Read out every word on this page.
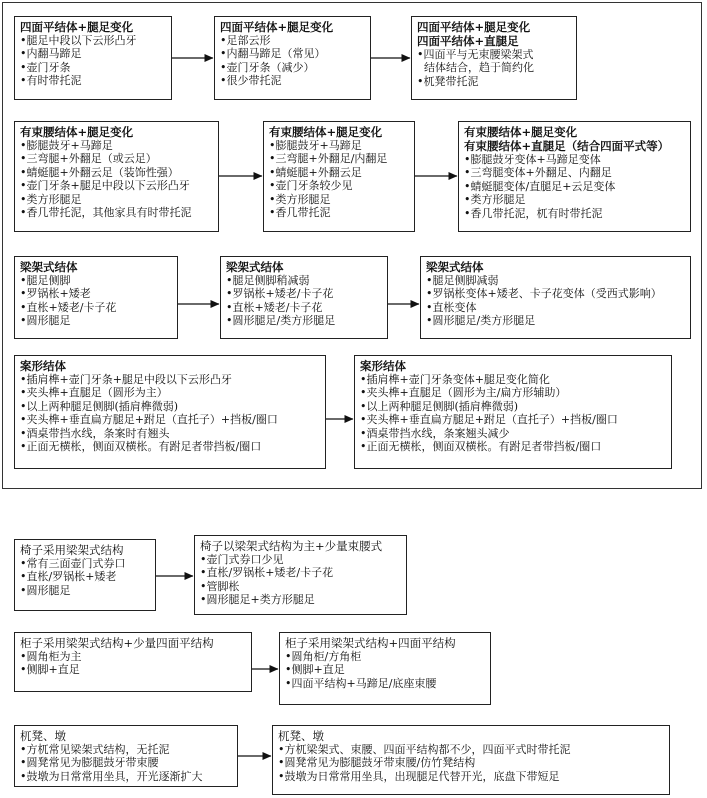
四面平结体+腿足变化
•腿足中段以下云形凸牙
•内翻马蹄足
•壶门牙条
•有时带托泥
四面平结体+腿足变化
•足部云形
•内翻马蹄足（常见）
•壶门牙条（减少）
•很少带托泥
四面平结体+腿足变化
四面平结体+直腿足
•四面平与无束腰梁架式
结体结合，趋于简约化
•杌凳带托泥
有束腰结体+腿足变化
•膨腿鼓牙+马蹄足
•三弯腿+外翻足（或云足）
•蜻蜓腿+外翻云足（装饰性强）
•壶门牙条+腿足中段以下云形凸牙
•类方形腿足
•香几带托泥，其他家具有时带托泥
有束腰结体+腿足变化
•膨腿鼓牙+马蹄足
•三弯腿+外翻足/内翻足
•蜻蜓腿+外翻云足
•壶门牙条较少见
•类方形腿足
•香几带托泥
有束腰结体+腿足变化
有束腰结体+直腿足（结合四面平式等）
•膨腿鼓牙变体+马蹄足变体
•三弯腿变体+外翻足、内翻足
•蜻蜓腿变体/直腿足+云足变体
•类方形腿足
•香几带托泥，杌有时带托泥
梁架式结体
•腿足侧脚
•罗锅枨+矮老
•直枨+矮老/卡子花
•圆形腿足
梁架式结体
•腿足侧脚稍减弱
•罗锅枨+矮老/卡子花
•直枨+矮老/卡子花
•圆形腿足/类方形腿足
梁架式结体
•腿足侧脚减弱
•罗锅枨变体+矮老、卡子花变体（受西式影响）
•直枨变体
•圆形腿足/类方形腿足
案形结体
•插肩榫+壶门牙条+腿足中段以下云形凸牙
•夹头榫+直腿足（圆形为主）
•以上两种腿足侧脚(插肩榫微弱)
•夹头榫+垂直扁方腿足+跗足（直托子）+挡板/圈口
•酒桌带挡水线，条案时有翘头
•正面无横枨，侧面双横枨。有跗足者带挡板/圈口
案形结体
•插肩榫+壶门牙条变体+腿足变化简化
•夹头榫+直腿足（圆形为主/扁方形辅助）
•以上两种腿足侧脚(插肩榫微弱)
•夹头榫+垂直扁方腿足+跗足（直托子）+挡板/圈口
•酒桌带挡水线，条案翘头减少
•正面无横枨，侧面双横枨。有跗足者带挡板/圈口
椅子采用梁架式结构
•常有三面壶门式券口
•直枨/罗锅枨+矮老
•圆形腿足
椅子以梁架式结构为主+少量束腰式
•壶门式券口少见
•直枨/罗锅枨+矮老/卡子花
•管脚枨
•圆形腿足+类方形腿足
柜子采用梁架式结构+少量四面平结构
•圆角柜为主
•侧脚+直足
柜子采用梁架式结构+四面平结构
•圆角柜/方角柜
•侧脚+直足
•四面平结构+马蹄足/底座束腰
杌凳、墩
•方杌常见梁架式结构，无托泥
•圆凳常见为膨腿鼓牙带束腰
•鼓墩为日常常用坐具，开光逐渐扩大
杌凳、墩
•方杌梁架式、束腰、四面平结构都不少，四面平式时带托泥
•圆凳常见为膨腿鼓牙带束腰/仿竹凳结构
•鼓墩为日常常用坐具，出现腿足代替开光，底盘下带短足
